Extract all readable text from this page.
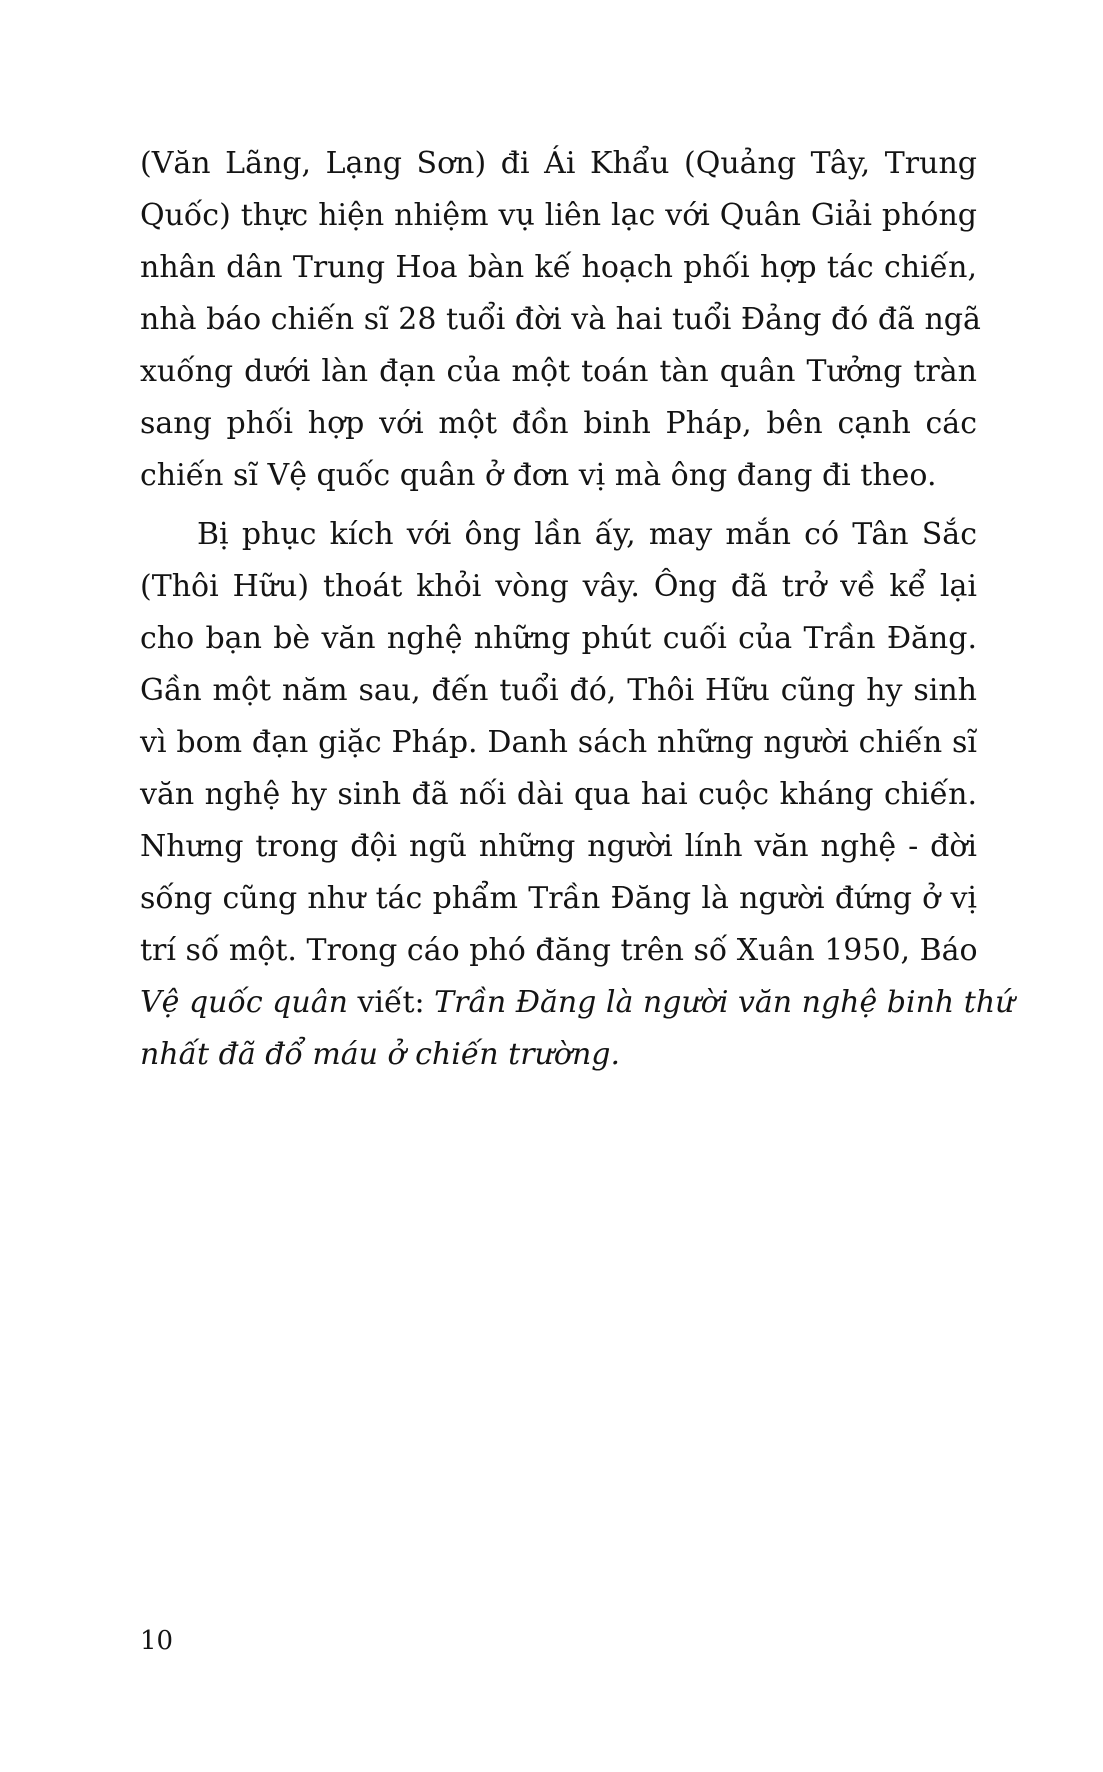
(Văn Lãng, Lạng Sơn) đi Ái Khẩu (Quảng Tây, Trung
Quốc) thực hiện nhiệm vụ liên lạc với Quân Giải phóng
nhân dân Trung Hoa bàn kế hoạch phối hợp tác chiến,
nhà báo chiến sĩ 28 tuổi đời và hai tuổi Đảng đó đã ngã
xuống dưới làn đạn của một toán tàn quân Tưởng tràn
sang phối hợp với một đồn binh Pháp, bên cạnh các
chiến sĩ Vệ quốc quân ở đơn vị mà ông đang đi theo.
Bị phục kích với ông lần ấy, may mắn có Tân Sắc
(Thôi Hữu) thoát khỏi vòng vây. Ông đã trở về kể lại
cho bạn bè văn nghệ những phút cuối của Trần Đăng.
Gần một năm sau, đến tuổi đó, Thôi Hữu cũng hy sinh
vì bom đạn giặc Pháp. Danh sách những người chiến sĩ
văn nghệ hy sinh đã nối dài qua hai cuộc kháng chiến.
Nhưng trong đội ngũ những người lính văn nghệ - đời
sống cũng như tác phẩm Trần Đăng là người đứng ở vị
trí số một. Trong cáo phó đăng trên số Xuân 1950, Báo
Vệ quốc quân viết: Trần Đăng là người văn nghệ binh thứ
nhất đã đổ máu ở chiến trường.
10
